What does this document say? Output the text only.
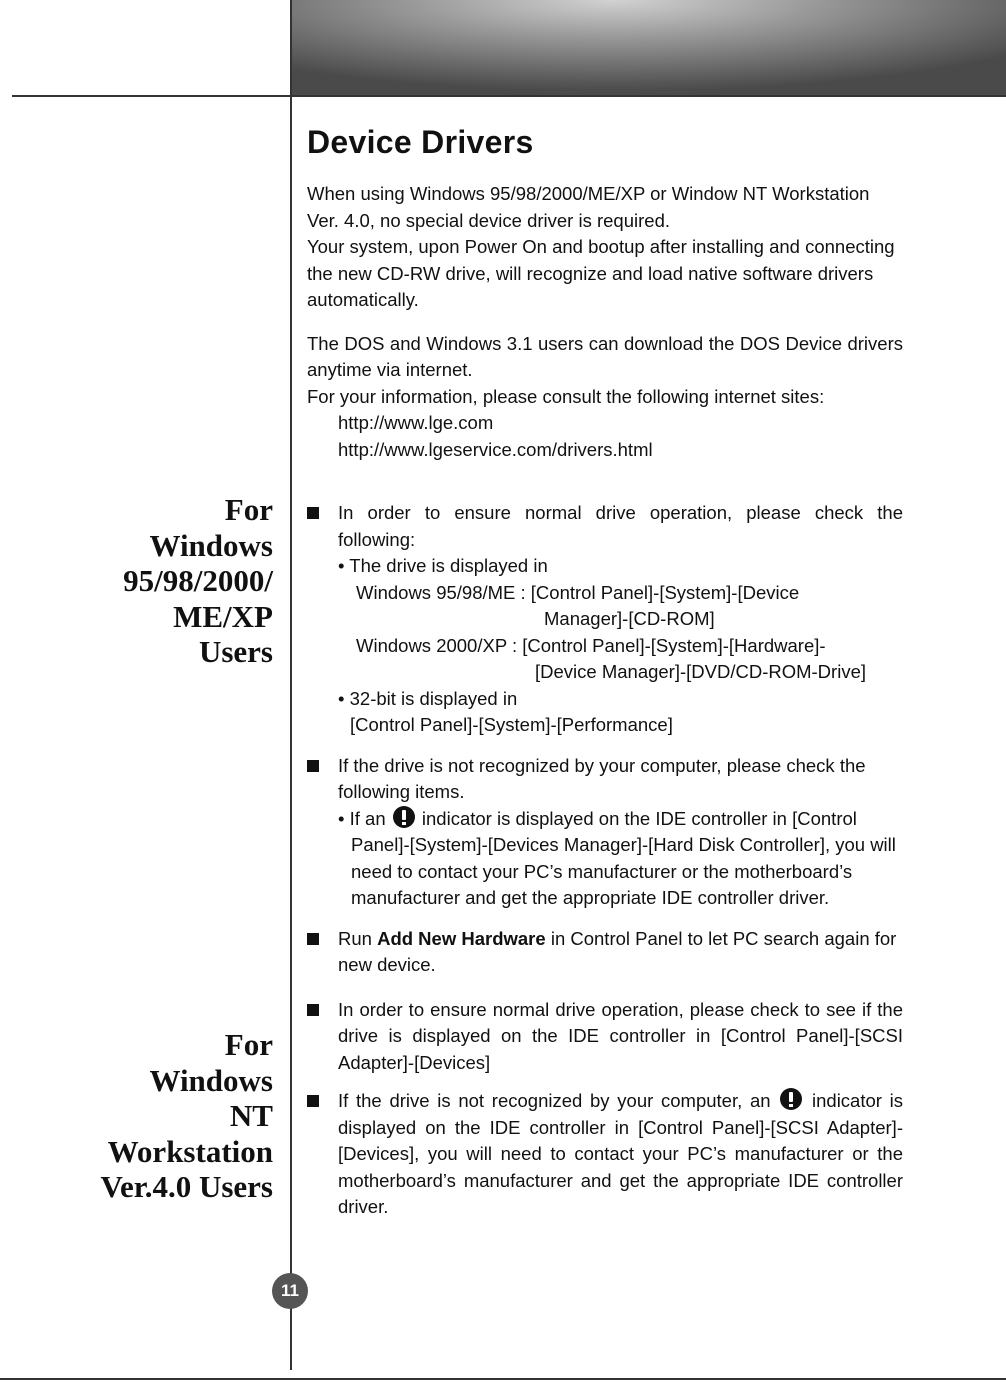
For
Windows
95/98/2000/
ME/XP
Users
For
Windows
NT
Workstation
Ver.4.0 Users
Device Drivers

When using Windows 95/98/2000/ME/XP or Window NT Workstation Ver. 4.0, no special device driver is required.

Your system, upon Power On and bootup after installing and connecting the new CD-RW drive, will recognize and load native software drivers automatically.

The DOS and Windows 3.1 users can download the DOS Device drivers anytime via internet.

For your information, please consult the following internet sites:

http://www.lge.com
http://www.lgeservice.com/drivers.html
In order to ensure normal drive operation, please check the following:
• The drive is displayed in
Windows 95/98/ME : [Control Panel]-[System]-[Device
Manager]-[CD-ROM]
Windows 2000/XP : [Control Panel]-[System]-[Hardware]-
[Device Manager]-[DVD/CD-ROM-Drive]
• 32-bit is displayed in
[Control Panel]-[System]-[Performance]
If the drive is not recognized by your computer, please check the following items.
• If an indicator is displayed on the IDE controller in [Control
Panel]-[System]-[Devices Manager]-[Hard Disk Controller], you will need to contact your PC’s manufacturer or the motherboard’s manufacturer and get the appropriate IDE controller driver.
Run Add New Hardware in Control Panel to let PC search again for new device.
In order to ensure normal drive operation, please check to see if the drive is displayed on the IDE controller in [Control Panel]-[SCSI Adapter]-[Devices]
If the drive is not recognized by your computer, an indicator is displayed on the IDE controller in [Control Panel]-[SCSI Adapter]-[Devices], you will need to contact your PC’s manufacturer or the motherboard’s manufacturer and get the appropriate IDE controller driver.
11
